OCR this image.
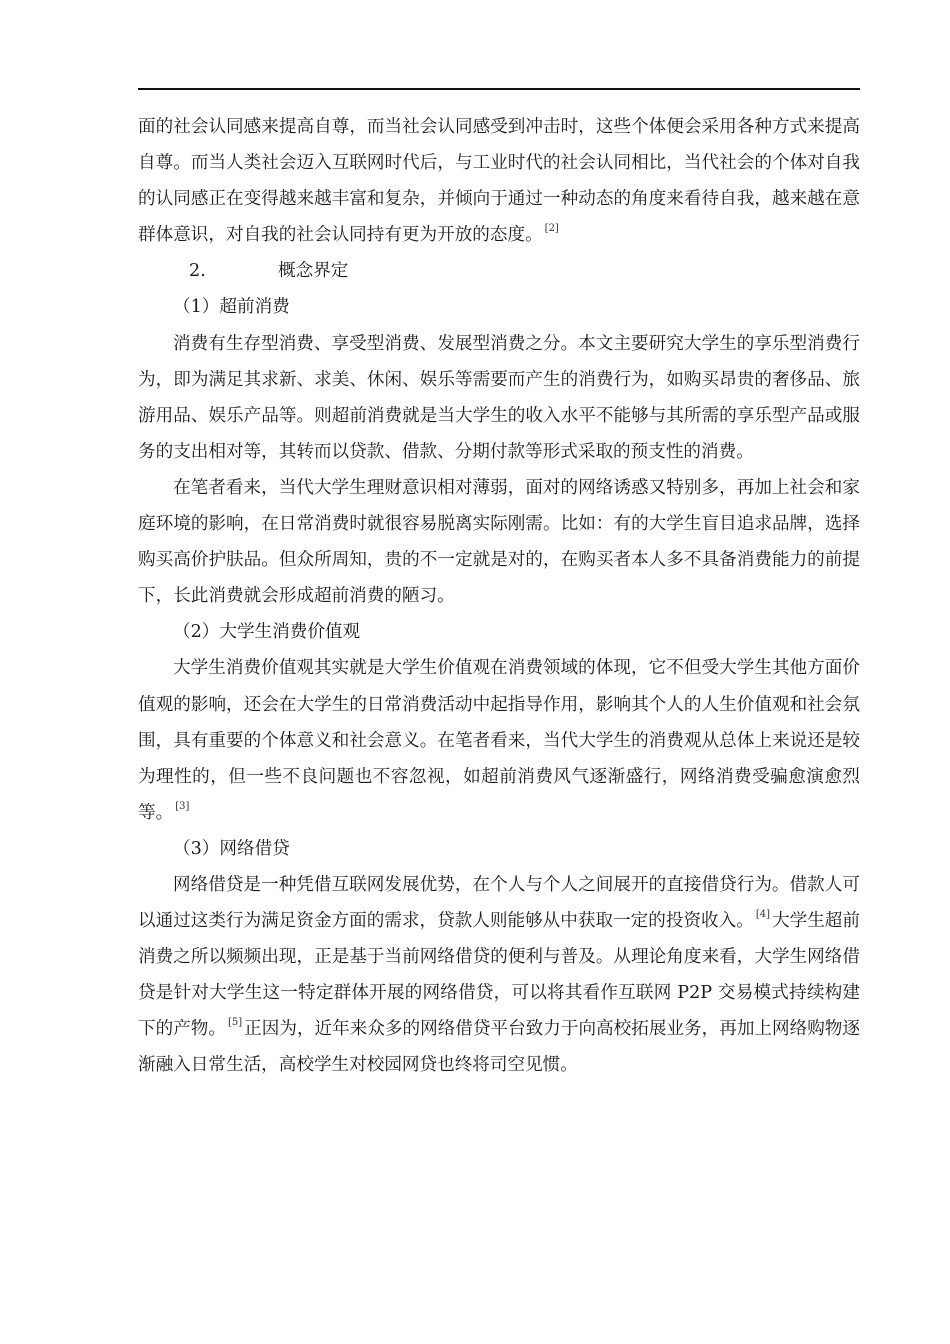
面的社会认同感来提高自尊，而当社会认同感受到冲击时，这些个体便会采用各种方式来提高自尊。而当人类社会迈入互联网时代后，与工业时代的社会认同相比，当代社会的个体对自我的认同感正在变得越来越丰富和复杂，并倾向于通过一种动态的角度来看待自我，越来越在意群体意识，对自我的社会认同持有更为开放的态度。 [2]

2.	概念界定

（1）超前消费

消费有生存型消费、享受型消费、发展型消费之分。本文主要研究大学生的享乐型消费行为，即为满足其求新、求美、休闲、娱乐等需要而产生的消费行为，如购买昂贵的奢侈品、旅游用品、娱乐产品等。则超前消费就是当大学生的收入水平不能够与其所需的享乐型产品或服务的支出相对等，其转而以贷款、借款、分期付款等形式采取的预支性的消费。

在笔者看来，当代大学生理财意识相对薄弱，面对的网络诱惑又特别多，再加上社会和家庭环境的影响，在日常消费时就很容易脱离实际刚需。比如：有的大学生盲目追求品牌，选择购买高价护肤品。但众所周知，贵的不一定就是对的，在购买者本人多不具备消费能力的前提下，长此消费就会形成超前消费的陋习。

（2）大学生消费价值观

大学生消费价值观其实就是大学生价值观在消费领域的体现，它不但受大学生其他方面价值观的影响，还会在大学生的日常消费活动中起指导作用，影响其个人的人生价值观和社会氛围，具有重要的个体意义和社会意义。在笔者看来，当代大学生的消费观从总体上来说还是较为理性的，但一些不良问题也不容忽视，如超前消费风气逐渐盛行，网络消费受骗愈演愈烈等。 [3]

（3）网络借贷

网络借贷是一种凭借互联网发展优势，在个人与个人之间展开的直接借贷行为。借款人可以通过这类行为满足资金方面的需求，贷款人则能够从中获取一定的投资收入。 [4] 大学生超前消费之所以频频出现，正是基于当前网络借贷的便利与普及。从理论角度来看，大学生网络借贷是针对大学生这一特定群体开展的网络借贷，可以将其看作互联网 P2P 交易模式持续构建下的产物。 [5] 正因为，近年来众多的网络借贷平台致力于向高校拓展业务，再加上网络购物逐渐融入日常生活，高校学生对校园网贷也终将司空见惯。
